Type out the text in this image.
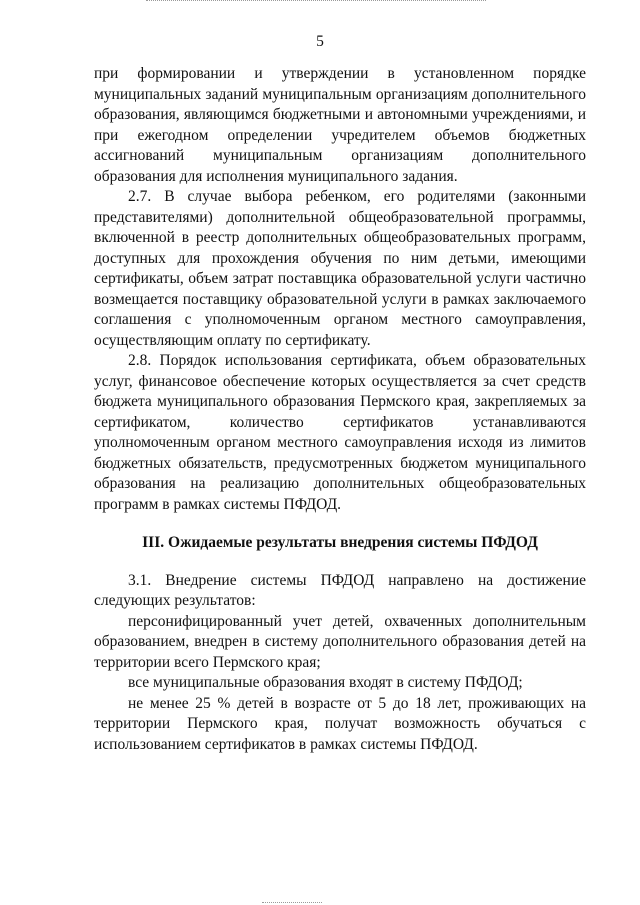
5

при формировании и утверждении в установленном порядке муниципальных заданий муниципальным организациям дополнительного образования, являющимся бюджетными и автономными учреждениями, и при ежегодном определении учредителем объемов бюджетных ассигнований муниципальным организациям дополнительного образования для исполнения муниципального задания.

2.7. В случае выбора ребенком, его родителями (законными представителями) дополнительной общеобразовательной программы, включенной в реестр дополнительных общеобразовательных программ, доступных для прохождения обучения по ним детьми, имеющими сертификаты, объем затрат поставщика образовательной услуги частично возмещается поставщику образовательной услуги в рамках заключаемого соглашения с уполномоченным органом местного самоуправления, осуществляющим оплату по сертификату.

2.8. Порядок использования сертификата, объем образовательных услуг, финансовое обеспечение которых осуществляется за счет средств бюджета муниципального образования Пермского края, закрепляемых за сертификатом, количество сертификатов устанавливаются уполномоченным органом местного самоуправления исходя из лимитов бюджетных обязательств, предусмотренных бюджетом муниципального образования на реализацию дополнительных общеобразовательных программ в рамках системы ПФДОД.

III. Ожидаемые результаты внедрения системы ПФДОД

3.1. Внедрение системы ПФДОД направлено на достижение следующих результатов:

персонифицированный учет детей, охваченных дополнительным образованием, внедрен в систему дополнительного образования детей на территории всего Пермского края;

все муниципальные образования входят в систему ПФДОД;

не менее 25 % детей в возрасте от 5 до 18 лет, проживающих на территории Пермского края, получат возможность обучаться с использованием сертификатов в рамках системы ПФДОД.
